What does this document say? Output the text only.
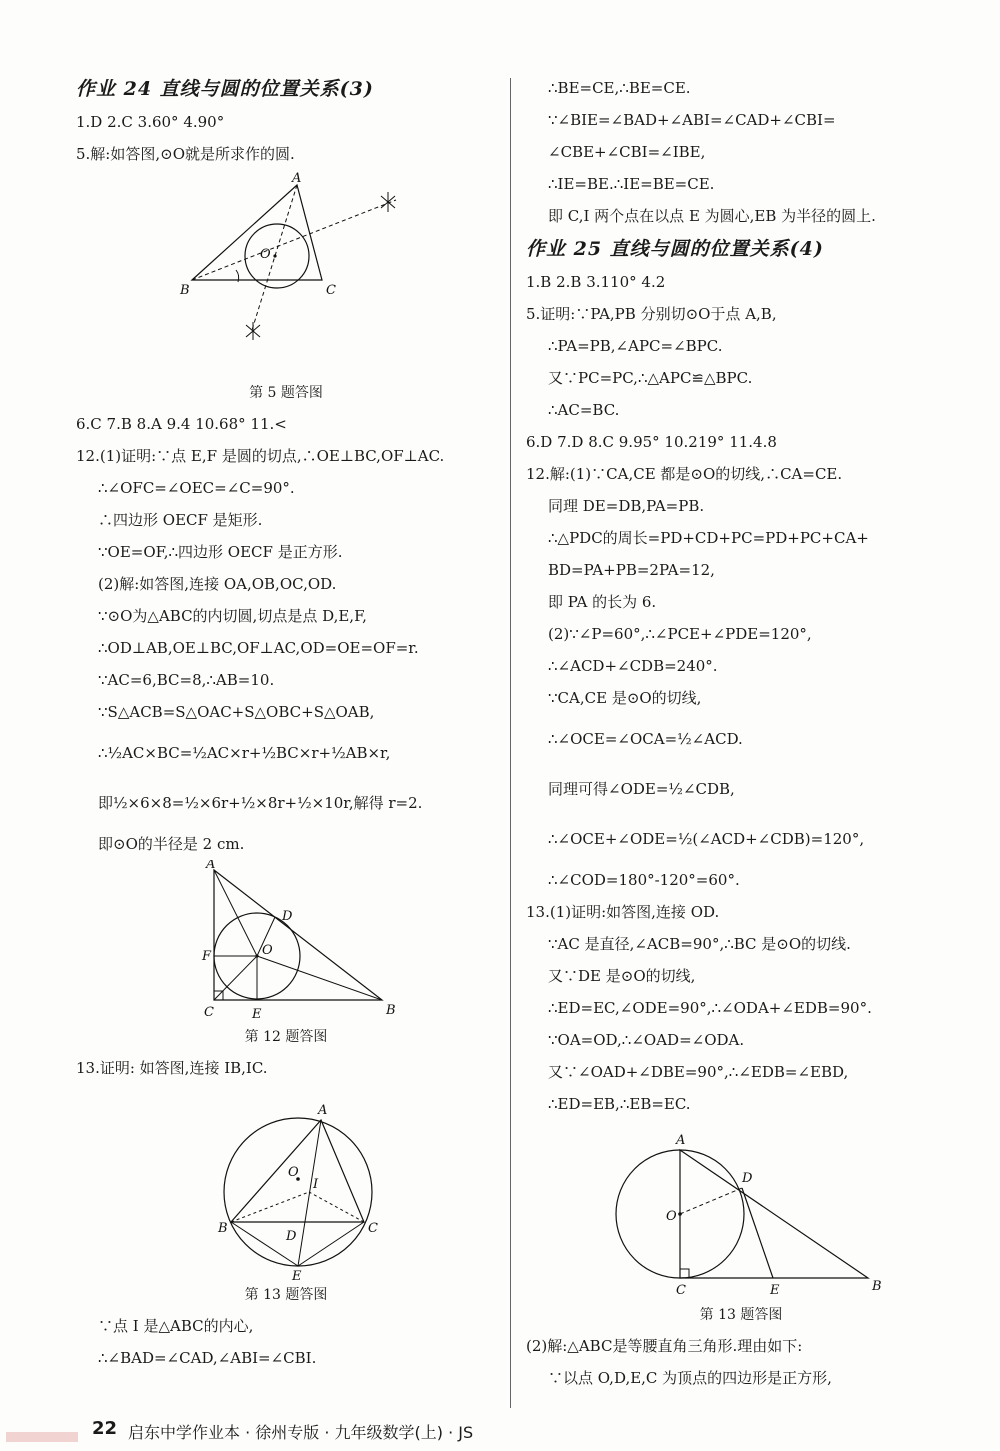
作业 24 直线与圆的位置关系(3)
1.D 2.C 3.60° 4.90°
5.解:如答图,⊙O就是所求作的圆.
A
B	C
O
第 5 题答图
6.C 7.B 8.A 9.4 10.68° 11.<
12.(1)证明:∵点 E,F 是圆的切点,∴OE⊥BC,OF⊥AC.
∴∠OFC=∠OEC=∠C=90°.
∴四边形 OECF 是矩形.
∵OE=OF,∴四边形 OECF 是正方形.
(2)解:如答图,连接 OA,OB,OC,OD.
∵⊙O为△ABC的内切圆,切点是点 D,E,F,
∴OD⊥AB,OE⊥BC,OF⊥AC,OD=OE=OF=r.
∵AC=6,BC=8,∴AB=10.
∵S△ACB=S△OAC+S△OBC+S△OAB,
∴½AC×BC=½AC×r+½BC×r+½AB×r,
即½×6×8=½×6r+½×8r+½×10r,解得 r=2.
即⊙O的半径是 2 cm.
A
B
C
D
E
F	O
第 12 题答图
13.证明: 如答图,连接 IB,IC.
A
B	C
D
E
I
O
第 13 题答图
∵点 I 是△ABC的内心,
∴∠BAD=∠CAD,∠ABI=∠CBI.
∴BE=CE,∴BE=CE.
∵∠BIE=∠BAD+∠ABI=∠CAD+∠CBI=
∠CBE+∠CBI=∠IBE,
∴IE=BE.∴IE=BE=CE.
即 C,I 两个点在以点 E 为圆心,EB 为半径的圆上.
作业 25 直线与圆的位置关系(4)
1.B 2.B 3.110° 4.2
5.证明:∵PA,PB 分别切⊙O于点 A,B,
∴PA=PB,∠APC=∠BPC.
又∵PC=PC,∴△APC≌△BPC.
∴AC=BC.
6.D 7.D 8.C 9.95° 10.219° 11.4.8
12.解:(1)∵CA,CE 都是⊙O的切线,∴CA=CE.
同理 DE=DB,PA=PB.
∴△PDC的周长=PD+CD+PC=PD+PC+CA+
BD=PA+PB=2PA=12,
即 PA 的长为 6.
(2)∵∠P=60°,∴∠PCE+∠PDE=120°,
∴∠ACD+∠CDB=240°.
∵CA,CE 是⊙O的切线,
∴∠OCE=∠OCA=½∠ACD.
同理可得∠ODE=½∠CDB,
∴∠OCE+∠ODE=½(∠ACD+∠CDB)=120°,
∴∠COD=180°-120°=60°.
13.(1)证明:如答图,连接 OD.
∵AC 是直径,∠ACB=90°,∴BC 是⊙O的切线.
又∵DE 是⊙O的切线,
∴ED=EC,∠ODE=90°,∴∠ODA+∠EDB=90°.
∵OA=OD,∴∠OAD=∠ODA.
又∵∠OAD+∠DBE=90°,∴∠EDB=∠EBD,
∴ED=EB,∴EB=EC.
A
B
C
D
E
O
第 13 题答图
(2)解:△ABC是等腰直角三角形.理由如下:
∵以点 O,D,E,C 为顶点的四边形是正方形,
22 启东中学作业本 · 徐州专版 · 九年级数学(上) · JS
